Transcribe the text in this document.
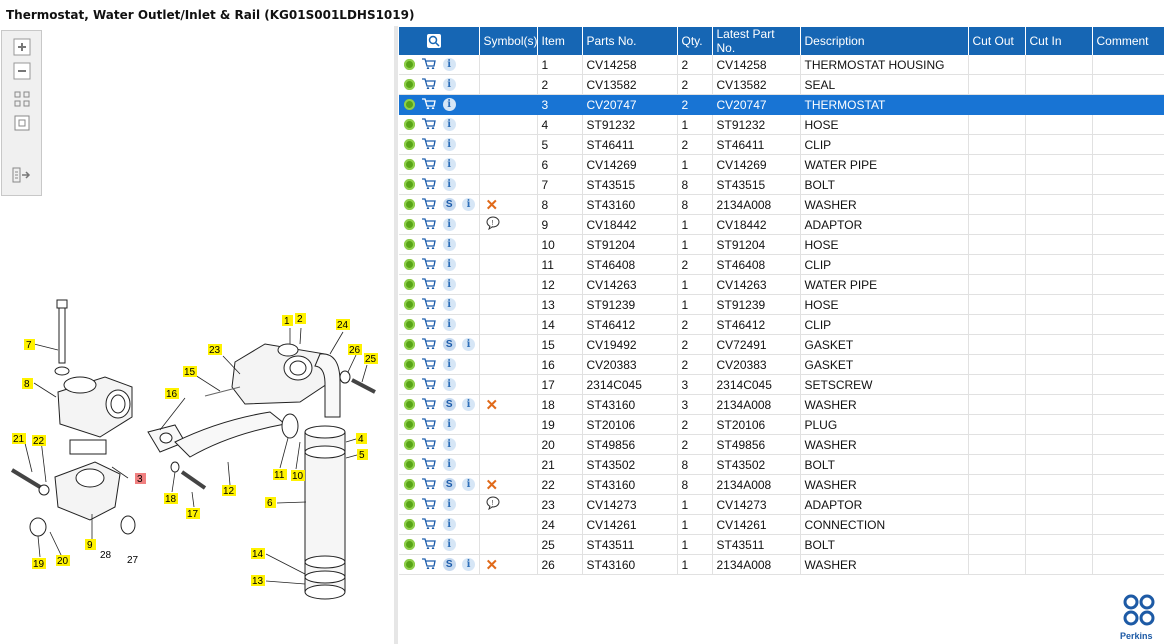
Thermostat, Water Outlet/Inlet & Rail (KG01S001LDHS1019)
7
8
21 22
3
19 20
9
28 27
16
15
23
1 2
24
26
25
18
17
12
11 10
4
5
6
14
13
	Symbol(s)	Item	Parts No.	Qty.	Latest Part No.	Description	Cut Out	Cut In	Comment
i		1	CV14258	2	CV14258	THERMOSTAT HOUSING			
i		2	CV13582	2	CV13582	SEAL			
i		3	CV20747	2	CV20747	THERMOSTAT			
i		4	ST91232	1	ST91232	HOSE			
i		5	ST46411	2	ST46411	CLIP			
i		6	CV14269	1	CV14269	WATER PIPE			
i		7	ST43515	8	ST43515	BOLT			
S i	✕	8	ST43160	8	2134A008	WASHER			
i	!	9	CV18442	1	CV18442	ADAPTOR			
i		10	ST91204	1	ST91204	HOSE			
i		11	ST46408	2	ST46408	CLIP			
i		12	CV14263	1	CV14263	WATER PIPE			
i		13	ST91239	1	ST91239	HOSE			
i		14	ST46412	2	ST46412	CLIP			
S i		15	CV19492	2	CV72491	GASKET			
i		16	CV20383	2	CV20383	GASKET			
i		17	2314C045	3	2314C045	SETSCREW			
S i	✕	18	ST43160	3	2134A008	WASHER			
i		19	ST20106	2	ST20106	PLUG			
i		20	ST49856	2	ST49856	WASHER			
i		21	ST43502	8	ST43502	BOLT			
S i	✕	22	ST43160	8	2134A008	WASHER			
i	!	23	CV14273	1	CV14273	ADAPTOR			
i		24	CV14261	1	CV14261	CONNECTION			
i		25	ST43511	1	ST43511	BOLT			
S i	✕	26	ST43160	1	2134A008	WASHER			
Perkins
